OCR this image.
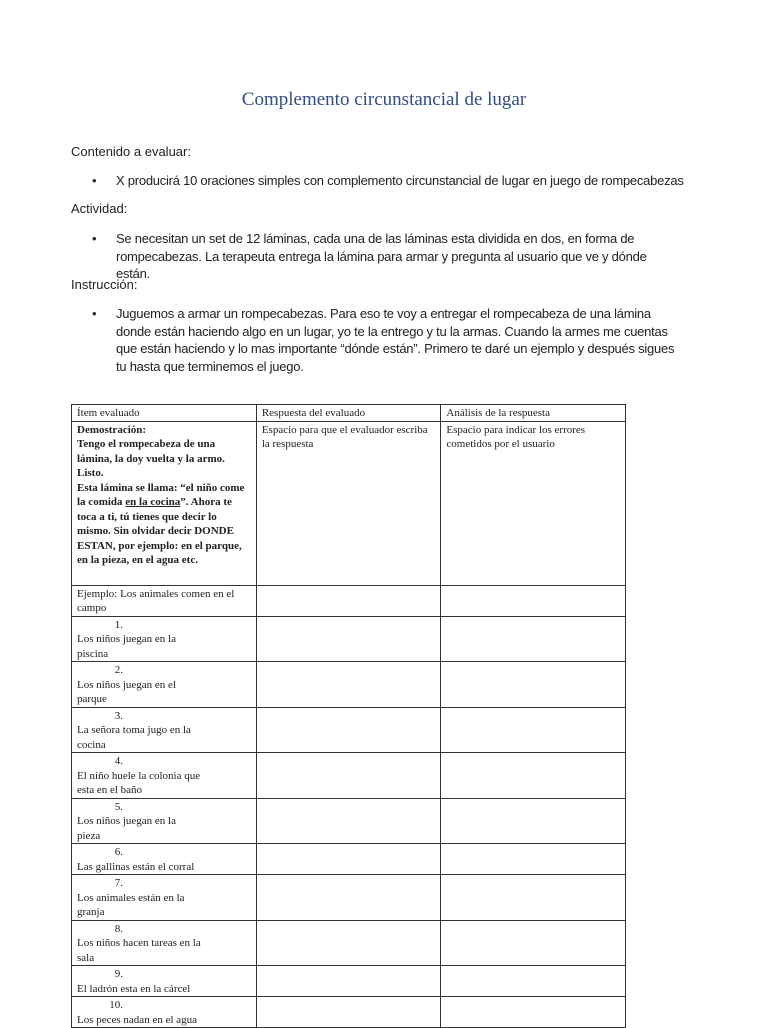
Complemento circunstancial de lugar
Contenido a evaluar:
• X producirá 10 oraciones simples con complemento circunstancial de lugar en juego de rompecabezas
Actividad:
• Se necesitan un set de 12 láminas, cada una de las láminas esta dividida en dos, en forma de rompecabezas. La terapeuta entrega la lámina para armar y pregunta al usuario que ve y dónde están.
Instrucción:
• Juguemos a armar un rompecabezas. Para eso te voy a entregar el rompecabeza de una lámina donde están haciendo algo en un lugar, yo te la entrego y tu la armas. Cuando la armes me cuentas que están haciendo y lo mas importante “dónde están”. Primero te daré un ejemplo y después sigues tu hasta que terminemos el juego.
Ítem evaluado	Respuesta del evaluado	Análisis de la respuesta
Demostración:
Tengo el rompecabeza de una lámina, la doy vuelta y la armo. Listo.
Esta lámina se llama: “el niño come la comida en la cocina”. Ahora te toca a ti, tú tienes que decir lo mismo. Sin olvidar decir DONDE ESTAN, por ejemplo: en el parque, en la pieza, en el agua etc.	Espacio para que el evaluador escriba la respuesta	Espacio para indicar los errores cometidos por el usuario
Ejemplo: Los animales comen en el campo		
1.Los niños juegan en la piscina		
2.Los niños juegan en el parque		
3.La señora toma jugo en la cocina		
4.El niño huele la colonia que esta en el baño		
5.Los niños juegan en la pieza		
6.Las gallinas están el corral		
7.Los animales están en la granja		
8.Los niños hacen tareas en la sala		
9.El ladrón esta en la cárcel		
10.Los peces nadan en el agua		
